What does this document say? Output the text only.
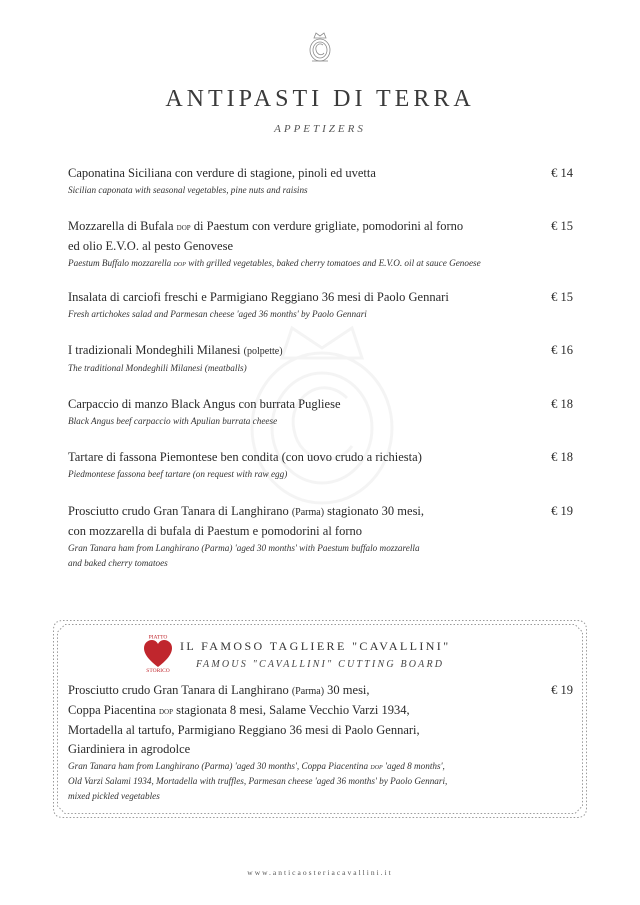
ANTIPASTI DI TERRA
APPETIZERS
Caponatina Siciliana con verdure di stagione, pinoli ed uvetta
Sicilian caponata with seasonal vegetables, pine nuts and raisins
€ 14
Mozzarella di Bufala dop di Paestum con verdure grigliate, pomodorini al forno
ed olio E.V.O. al pesto Genovese
Paestum Buffalo mozzarella dop with grilled vegetables, baked cherry tomatoes and E.V.O. oil at sauce Genoese
€ 15
Insalata di carciofi freschi e Parmigiano Reggiano 36 mesi di Paolo Gennari
Fresh artichokes salad and Parmesan cheese 'aged 36 months' by Paolo Gennari
€ 15
I tradizionali Mondeghili Milanesi (polpette)
The traditional Mondeghili Milanesi (meatballs)
€ 16
Carpaccio di manzo Black Angus con burrata Pugliese
Black Angus beef carpaccio with Apulian burrata cheese
€ 18
Tartare di fassona Piemontese ben condita (con uovo crudo a richiesta)
Piedmontese fassona beef tartare (on request with raw egg)
€ 18
Prosciutto crudo Gran Tanara di Langhirano (Parma) stagionato 30 mesi,
con mozzarella di bufala di Paestum e pomodorini al forno
Gran Tanara ham from Langhirano (Parma) 'aged 30 months' with Paestum buffalo mozzarella
and baked cherry tomatoes
€ 19
PIATTO
STORICO
IL FAMOSO TAGLIERE "CAVALLINI"
FAMOUS "CAVALLINI" CUTTING BOARD
Prosciutto crudo Gran Tanara di Langhirano (Parma) 30 mesi,
Coppa Piacentina dop stagionata 8 mesi, Salame Vecchio Varzi 1934,
Mortadella al tartufo, Parmigiano Reggiano 36 mesi di Paolo Gennari,
Giardiniera in agrodolce
Gran Tanara ham from Langhirano (Parma) 'aged 30 months', Coppa Piacentina dop 'aged 8 months',
Old Varzi Salami 1934, Mortadella with truffles, Parmesan cheese 'aged 36 months' by Paolo Gennari,
mixed pickled vegetables
€ 19
www.anticaosteriacavallini.it
